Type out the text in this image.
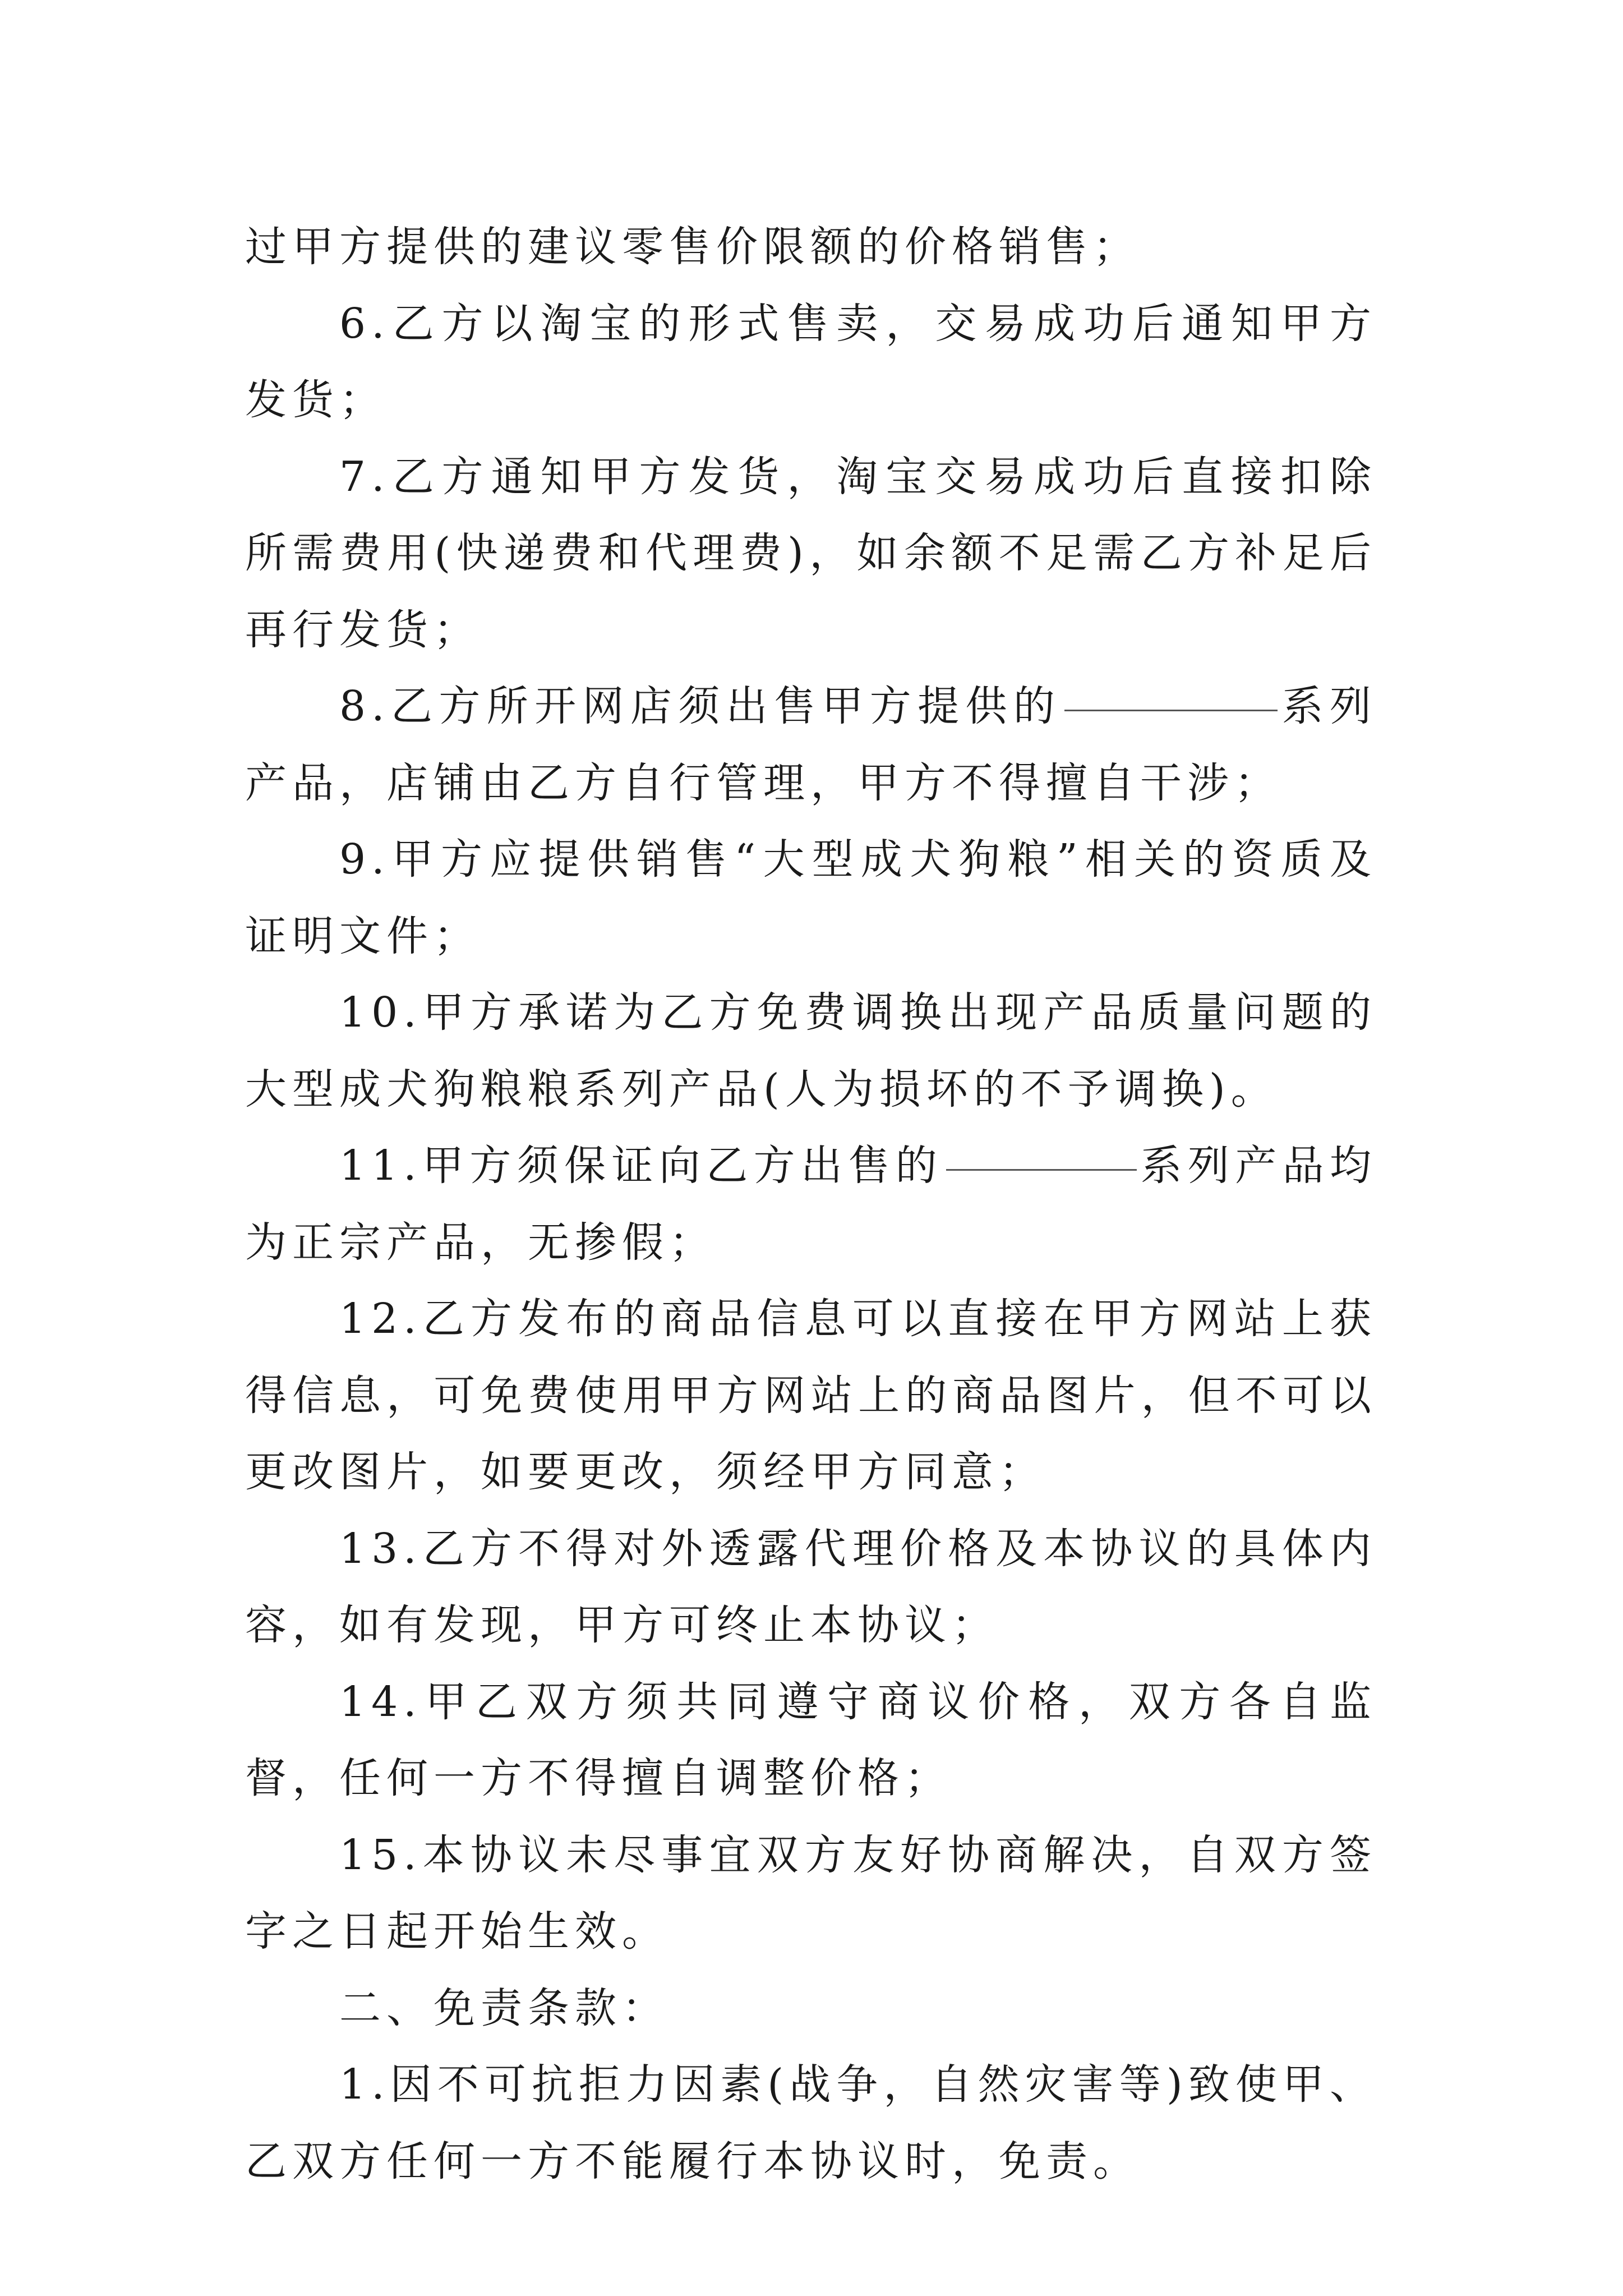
过甲方提供的建议零售价限额的价格销售；

6.乙方以淘宝的形式售卖，交易成功后通知甲方发货；

7.乙方通知甲方发货，淘宝交易成功后直接扣除所需费用(快递费和代理费)，如余额不足需乙方补足后再行发货；

8.乙方所开网店须出售甲方提供的	系列产品，店铺由乙方自行管理，甲方不得擅自干涉；

9.甲方应提供销售“大型成犬狗粮”相关的资质及证明文件；

10.甲方承诺为乙方免费调换出现产品质量问题的大型成犬狗粮粮系列产品(人为损坏的不予调换)。

11.甲方须保证向乙方出售的	系列产品均为正宗产品，无掺假；

12.乙方发布的商品信息可以直接在甲方网站上获得信息，可免费使用甲方网站上的商品图片，但不可以更改图片，如要更改，须经甲方同意；

13.乙方不得对外透露代理价格及本协议的具体内容，如有发现，甲方可终止本协议；

14.甲乙双方须共同遵守商议价格，双方各自监督，任何一方不得擅自调整价格；

15.本协议未尽事宜双方友好协商解决，自双方签字之日起开始生效。

二、免责条款：

1.因不可抗拒力因素(战争，自然灾害等)致使甲、乙双方任何一方不能履行本协议时，免责。
